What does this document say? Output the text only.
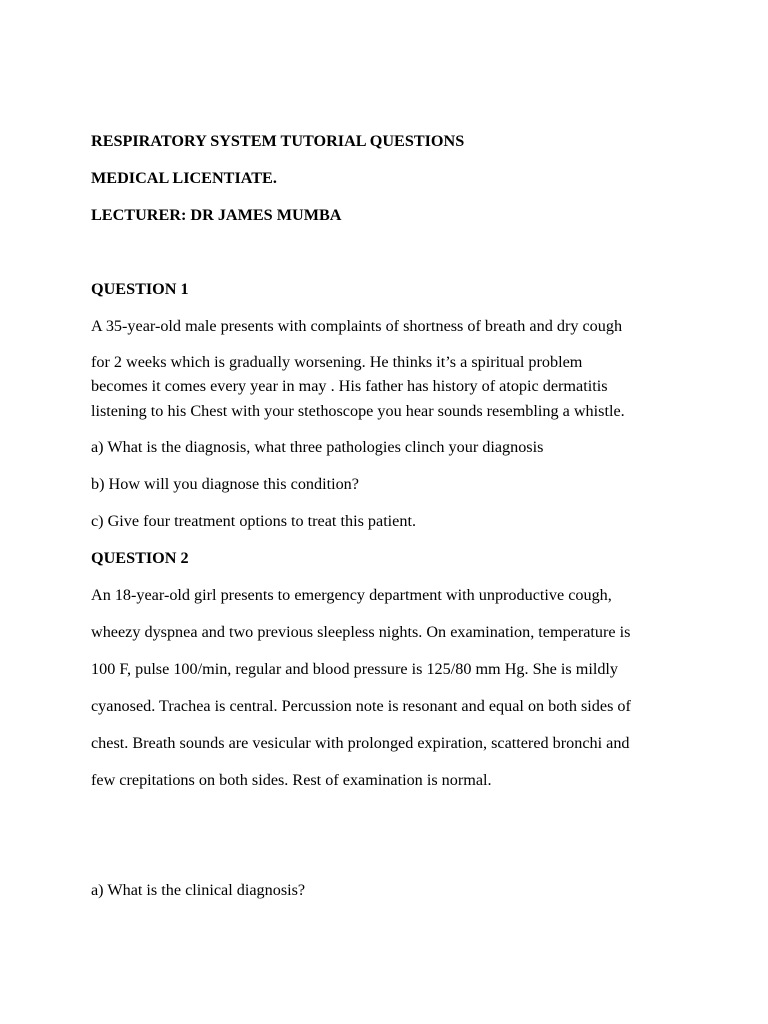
RESPIRATORY SYSTEM TUTORIAL QUESTIONS
MEDICAL LICENTIATE.
LECTURER: DR JAMES MUMBA
QUESTION 1
A 35-year-old male presents with complaints of shortness of breath and dry cough
for 2 weeks which is gradually worsening. He thinks it’s a spiritual problem
becomes it comes every year in may . His father has history of atopic dermatitis
listening to his Chest with your stethoscope you hear sounds resembling a whistle.
a) What is the diagnosis, what three pathologies clinch your diagnosis
b) How will you diagnose this condition?
c) Give four treatment options to treat this patient.
QUESTION 2
An 18-year-old girl presents to emergency department with unproductive cough,
wheezy dyspnea and two previous sleepless nights. On examination, temperature is
100 F, pulse 100/min, regular and blood pressure is 125/80 mm Hg. She is mildly
cyanosed. Trachea is central. Percussion note is resonant and equal on both sides of
chest. Breath sounds are vesicular with prolonged expiration, scattered bronchi and
few crepitations on both sides. Rest of examination is normal.
a) What is the clinical diagnosis?
